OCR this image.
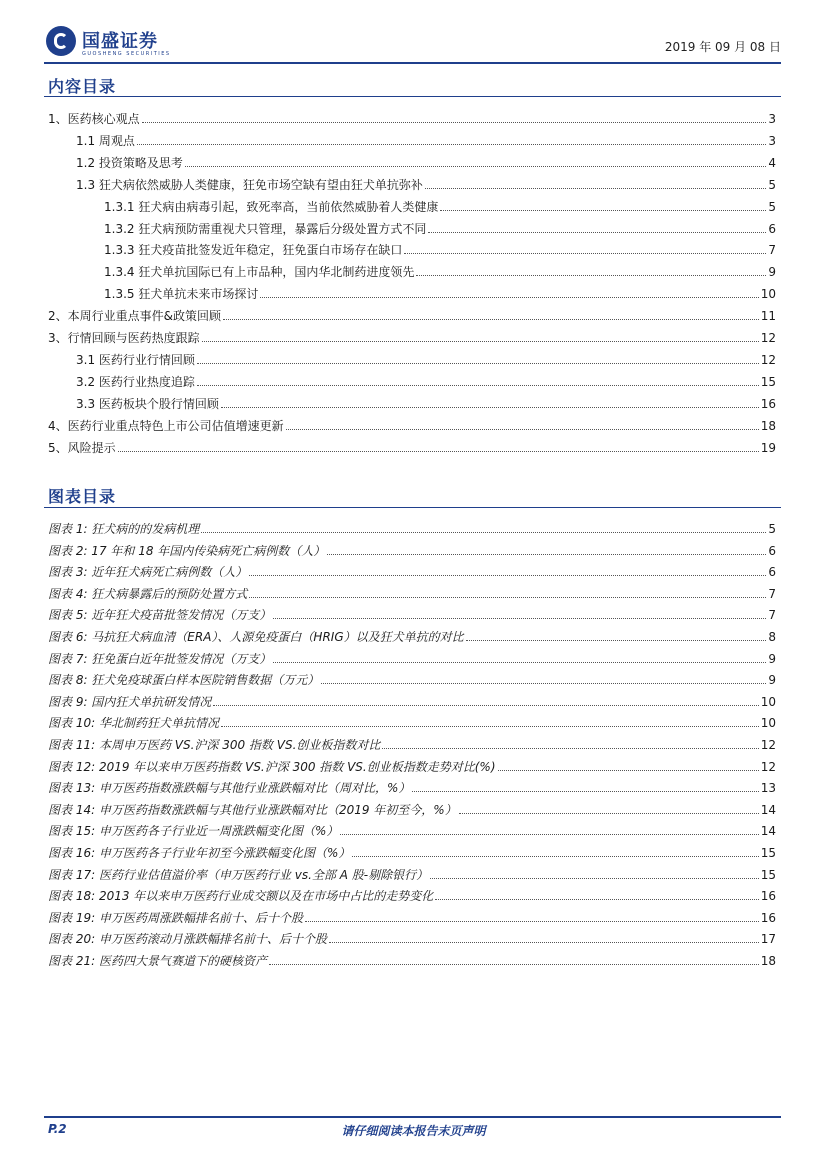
国盛证券
GUOSHENG SECURITIES	2019 年 09 月 08 日
内容目录
1、医药核心观点	3
1.1 周观点	3
1.2 投资策略及思考	4
1.3 狂犬病依然威胁人类健康，狂免市场空缺有望由狂犬单抗弥补	5
1.3.1 狂犬病由病毒引起，致死率高，当前依然威胁着人类健康	5
1.3.2 狂犬病预防需重视犬只管理，暴露后分级处置方式不同	6
1.3.3 狂犬疫苗批签发近年稳定，狂免蛋白市场存在缺口	7
1.3.4 狂犬单抗国际已有上市品种，国内华北制药进度领先	9
1.3.5 狂犬单抗未来市场探讨	10
2、本周行业重点事件&政策回顾	11
3、行情回顾与医药热度跟踪	12
3.1 医药行业行情回顾	12
3.2 医药行业热度追踪	15
3.3 医药板块个股行情回顾	16
4、医药行业重点特色上市公司估值增速更新	18
5、风险提示	19
图表目录
图表 1: 狂犬病的的发病机理	5
图表 2: 17 年和 18 年国内传染病死亡病例数（人）	6
图表 3: 近年狂犬病死亡病例数（人）	6
图表 4: 狂犬病暴露后的预防处置方式	7
图表 5: 近年狂犬疫苗批签发情况（万支）	7
图表 6: 马抗狂犬病血清（ERA）、人源免疫蛋白（HRIG）以及狂犬单抗的对比	8
图表 7: 狂免蛋白近年批签发情况（万支）	9
图表 8: 狂犬免疫球蛋白样本医院销售数据（万元）	9
图表 9: 国内狂犬单抗研发情况	10
图表 10: 华北制药狂犬单抗情况	10
图表 11: 本周申万医药 VS.沪深 300 指数 VS.创业板指数对比	12
图表 12: 2019 年以来申万医药指数 VS.沪深 300 指数 VS.创业板指数走势对比(%)	12
图表 13: 申万医药指数涨跌幅与其他行业涨跌幅对比（周对比，%）	13
图表 14: 申万医药指数涨跌幅与其他行业涨跌幅对比（2019 年初至今，%）	14
图表 15: 申万医药各子行业近一周涨跌幅变化图（%）	14
图表 16: 申万医药各子行业年初至今涨跌幅变化图（%）	15
图表 17: 医药行业估值溢价率（申万医药行业 vs.全部 A 股-剔除银行）	15
图表 18: 2013 年以来申万医药行业成交额以及在市场中占比的走势变化	16
图表 19: 申万医药周涨跌幅排名前十、后十个股	16
图表 20: 申万医药滚动月涨跌幅排名前十、后十个股	17
图表 21: 医药四大景气赛道下的硬核资产	18
P.2	请仔细阅读本报告末页声明
